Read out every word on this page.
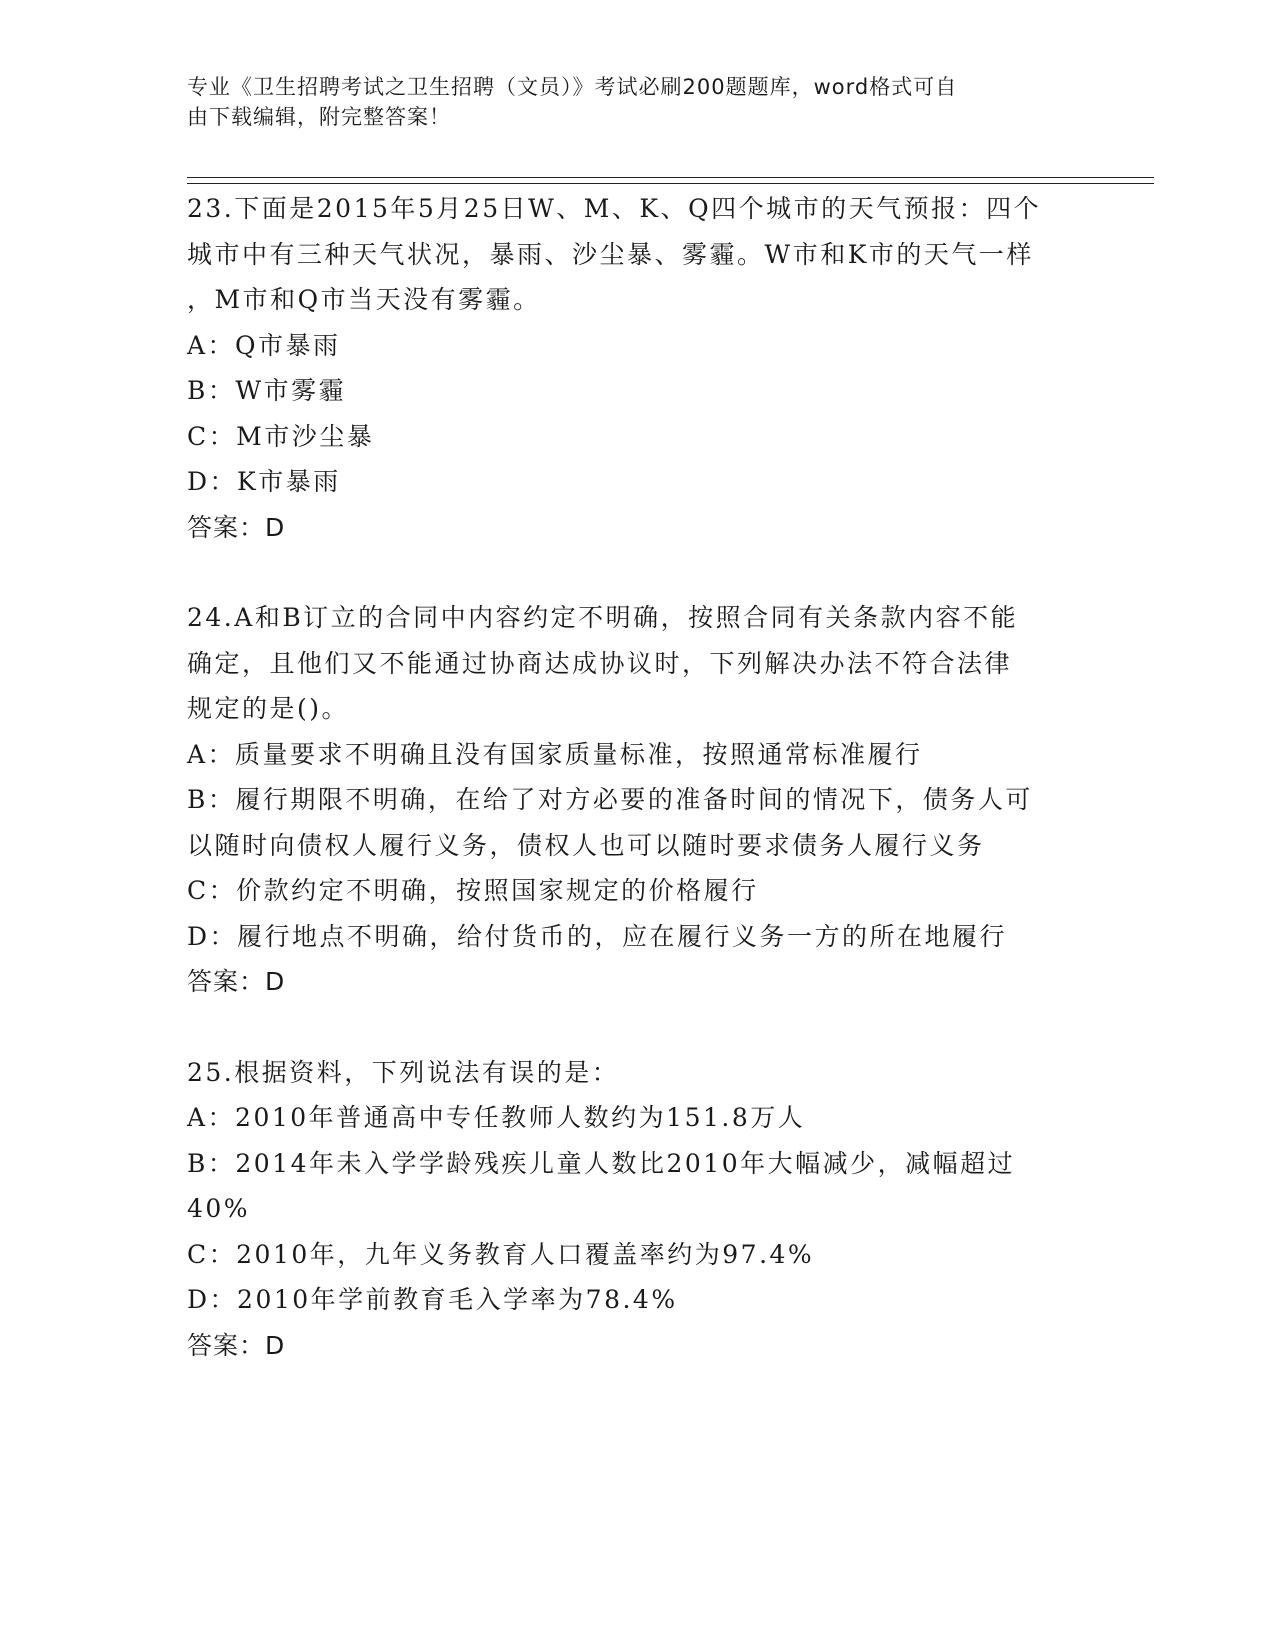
专业《卫生招聘考试之卫生招聘（文员）》考试必刷200题题库，word格式可自
由下载编辑，附完整答案！
23.下面是2015年5月25日W、M、K、Q四个城市的天气预报：四个
城市中有三种天气状况，暴雨、沙尘暴、雾霾。W市和K市的天气一样
，M市和Q市当天没有雾霾。
A：Q市暴雨
B：W市雾霾
C：M市沙尘暴
D：K市暴雨
答案：D
24.A和B订立的合同中内容约定不明确，按照合同有关条款内容不能
确定，且他们又不能通过协商达成协议时，下列解决办法不符合法律
规定的是()。
A：质量要求不明确且没有国家质量标准，按照通常标准履行
B：履行期限不明确，在给了对方必要的准备时间的情况下，债务人可
以随时向债权人履行义务，债权人也可以随时要求债务人履行义务
C：价款约定不明确，按照国家规定的价格履行
D：履行地点不明确，给付货币的，应在履行义务一方的所在地履行
答案：D
25.根据资料，下列说法有误的是：
A：2010年普通高中专任教师人数约为151.8万人
B：2014年未入学学龄残疾儿童人数比2010年大幅减少，减幅超过
40%
C：2010年，九年义务教育人口覆盖率约为97.4%
D：2010年学前教育毛入学率为78.4%
答案：D
